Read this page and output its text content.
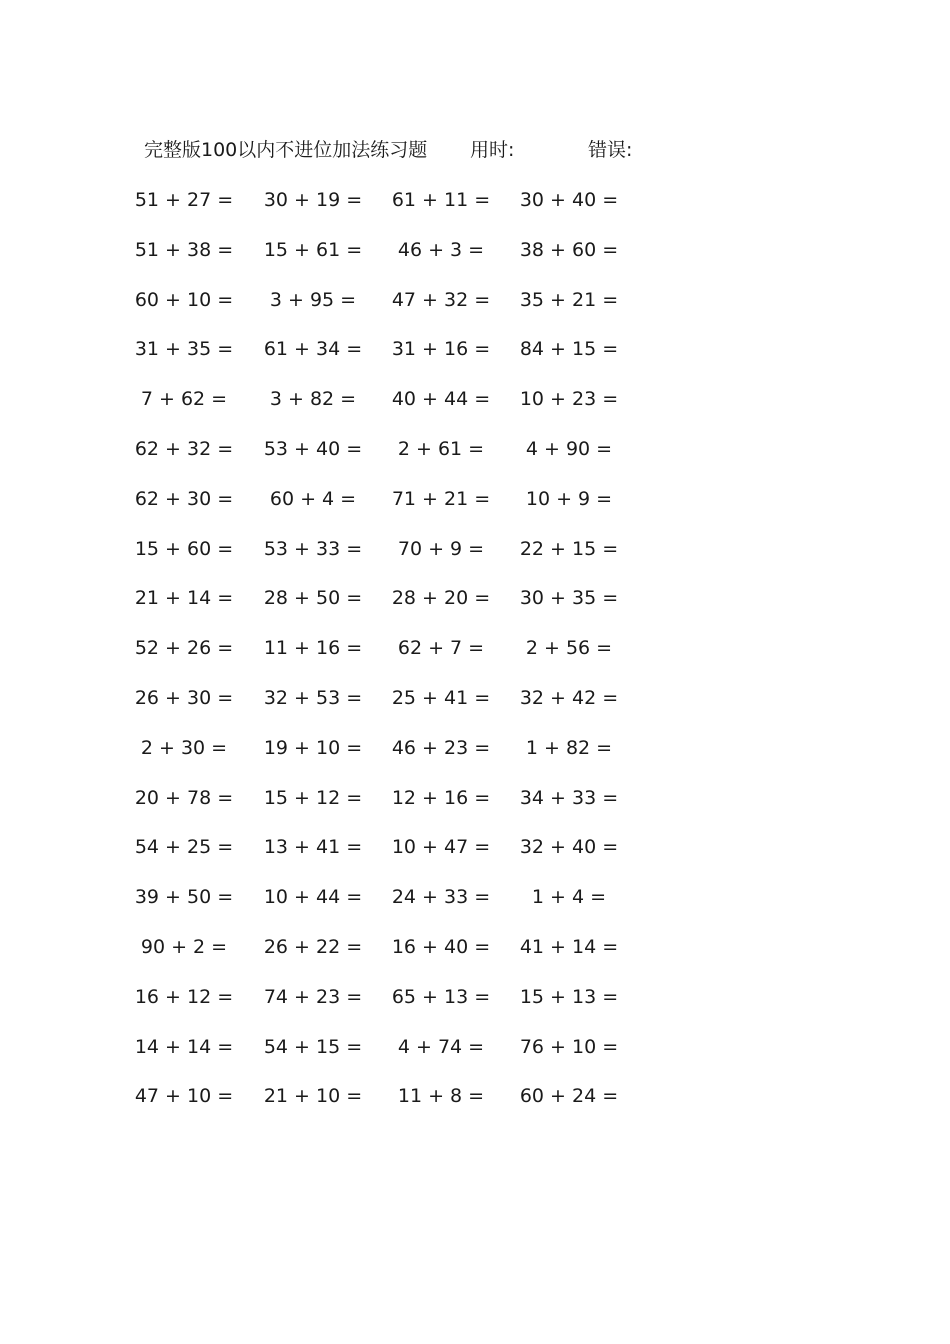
完整版100以内不进位加法练习题 用时:	错误:
51 + 27 =	30 + 19 =	61 + 11 =	30 + 40 =
51 + 38 =	15 + 61 =	46 + 3 =	38 + 60 =
60 + 10 =	3 + 95 =	47 + 32 =	35 + 21 =
31 + 35 =	61 + 34 =	31 + 16 =	84 + 15 =
7 + 62 =	3 + 82 =	40 + 44 =	10 + 23 =
62 + 32 =	53 + 40 =	2 + 61 =	4 + 90 =
62 + 30 =	60 + 4 =	71 + 21 =	10 + 9 =
15 + 60 =	53 + 33 =	70 + 9 =	22 + 15 =
21 + 14 =	28 + 50 =	28 + 20 =	30 + 35 =
52 + 26 =	11 + 16 =	62 + 7 =	2 + 56 =
26 + 30 =	32 + 53 =	25 + 41 =	32 + 42 =
2 + 30 =	19 + 10 =	46 + 23 =	1 + 82 =
20 + 78 =	15 + 12 =	12 + 16 =	34 + 33 =
54 + 25 =	13 + 41 =	10 + 47 =	32 + 40 =
39 + 50 =	10 + 44 =	24 + 33 =	1 + 4 =
90 + 2 =	26 + 22 =	16 + 40 =	41 + 14 =
16 + 12 =	74 + 23 =	65 + 13 =	15 + 13 =
14 + 14 =	54 + 15 =	4 + 74 =	76 + 10 =
47 + 10 =	21 + 10 =	11 + 8 =	60 + 24 =
